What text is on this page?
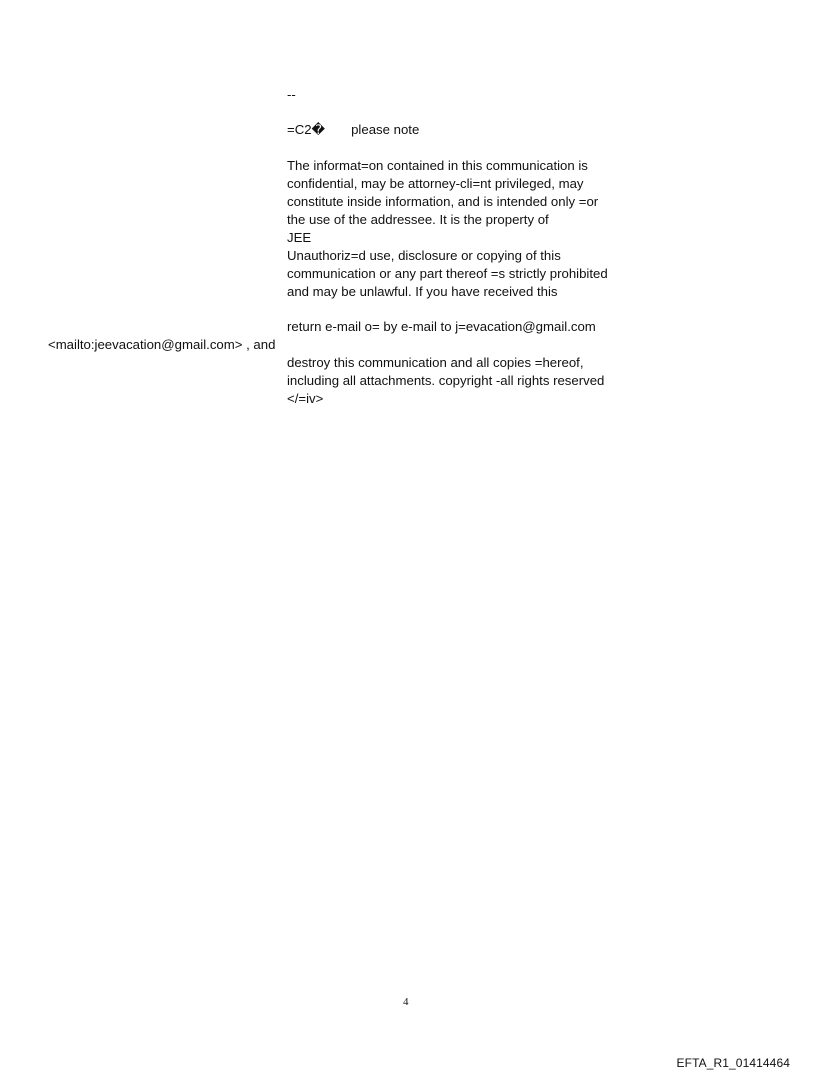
--
=C2� please note
The informat=on contained in this communication is
confidential, may be attorney-cli=nt privileged, may
constitute inside information, and is intended only =or
the use of the addressee. It is the property of
JEE
Unauthoriz=d use, disclosure or copying of this
communication or any part thereof =s strictly prohibited
and may be unlawful. If you have received this
return e-mail o= by e-mail to j=evacation@gmail.com
<mailto:jeevacation@gmail.com> , and
destroy this communication and all copies =hereof,
including all attachments. copyright -all rights reserved
</=iv>
4
EFTA_R1_01414464
